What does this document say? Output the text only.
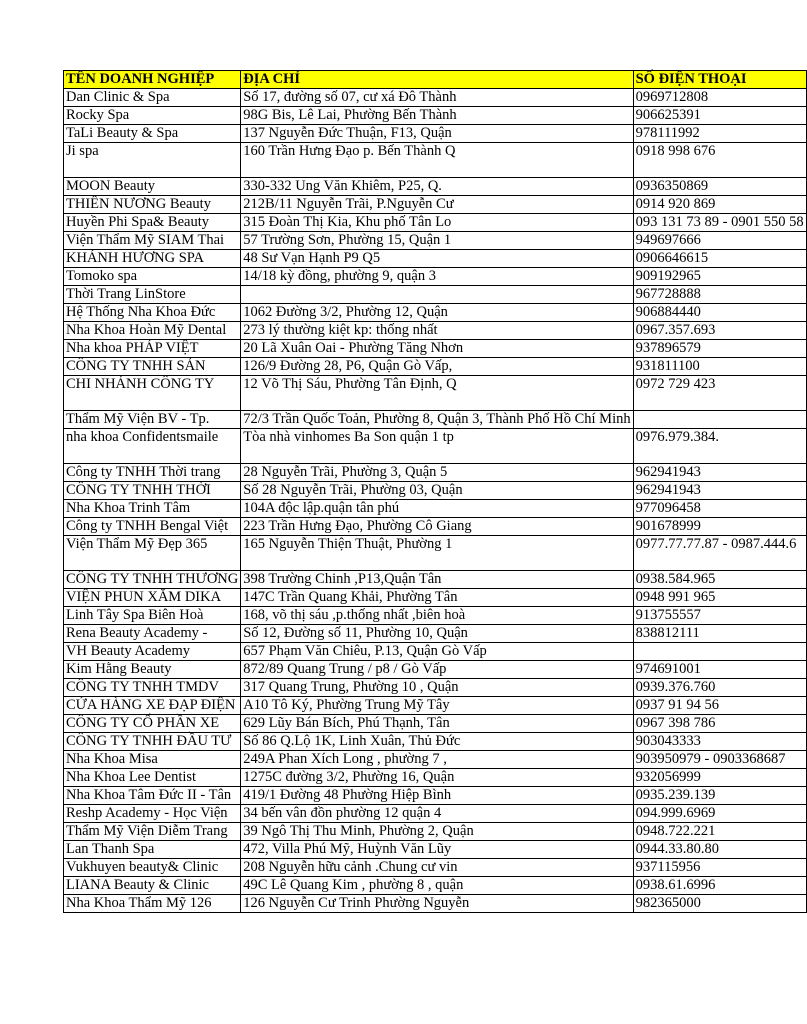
TÊN DOANH NGHIỆP	ĐỊA CHỈ	SỐ ĐIỆN THOẠI
Dan Clinic & Spa	Số 17, đường số 07, cư xá Đô Thành	0969712808
Rocky Spa	98G Bis, Lê Lai, Phường Bến Thành	906625391
TaLi Beauty & Spa	137 Nguyễn Đức Thuận, F13, Quận	978111992
Ji spa	160 Trần Hưng Đạo p. Bến Thành Q	0918 998 676
MOON Beauty	330-332 Ung Văn Khiêm, P25, Q.	0936350869
THIÊN NƯƠNG Beauty	212B/11 Nguyễn Trãi, P.Nguyễn Cư	0914 920 869
Huyền Phi Spa& Beauty	315 Đoàn Thị Kia, Khu phố Tân Lo	093 131 73 89 - 0901 550 58
Viện Thẩm Mỹ SIAM Thai	57 Trường Sơn, Phường 15, Quận 1	949697666
KHÁNH HƯƠNG SPA	48 Sư Vạn Hạnh P9 Q5	0906646615
Tomoko spa	14/18 kỳ đồng, phường 9, quận 3	909192965
Thời Trang LinStore		967728888
Hệ Thống Nha Khoa Đức	1062 Đường 3/2, Phường 12, Quận	906884440
Nha Khoa Hoàn Mỹ Dental	273 lý thường kiệt kp: thống nhất	0967.357.693
Nha khoa PHÁP VIỆT	20 Lã Xuân Oai - Phường Tăng Nhơn	937896579
CÔNG TY TNHH SẢN	126/9 Đường 28, P6, Quận Gò Vấp,	931811100
CHI NHÁNH CÔNG TY	12 Võ Thị Sáu, Phường Tân Định, Q	0972 729 423
Thẩm Mỹ Viện BV - Tp.	72/3 Trần Quốc Toản, Phường 8, Quận 3, Thành Phố Hồ Chí Minh	
nha khoa Confidentsmaile	Tòa nhà vinhomes Ba Son quận 1 tp	0976.979.384.
Công ty TNHH Thời trang	28 Nguyễn Trãi, Phường 3, Quận 5	962941943
CÔNG TY TNHH THỜI	Số 28 Nguyễn Trãi, Phường 03, Quận	962941943
Nha Khoa Trinh Tâm	104A độc lập.quận tân phú	977096458
Công ty TNHH Bengal Việt	223 Trần Hưng Đạo, Phường Cô Giang	901678999
Viện Thẩm Mỹ Đẹp 365	165 Nguyễn Thiện Thuật, Phường 1	0977.77.77.87 - 0987.444.6
CÔNG TY TNHH THƯƠNG	398 Trường Chinh ,P13,Quận Tân	0938.584.965
VIỆN PHUN XĂM DIKA	147C Trần Quang Khải, Phường Tân	0948 991 965
Linh Tây Spa Biên Hoà	168, võ thị sáu ,p.thống nhất ,biên hoà	913755557
Rena Beauty Academy -	Số 12, Đường số 11, Phường 10, Quận	838812111
VH Beauty Academy	657 Phạm Văn Chiêu, P.13, Quận Gò Vấp	
Kim Hằng Beauty	872/89 Quang Trung / p8 / Gò Vấp	974691001
CÔNG TY TNHH TMDV	317 Quang Trung, Phường 10 , Quận	0939.376.760
CỬA HÀNG XE ĐẠP ĐIỆN	A10 Tô Ký, Phường Trung Mỹ Tây	0937 91 94 56
CÔNG TY CỔ PHẦN XE	629 Lũy Bán Bích, Phú Thạnh, Tân	0967 398 786
CÔNG TY TNHH ĐẦU TƯ	Số 86 Q.Lộ 1K, Linh Xuân, Thủ Đức	903043333
Nha Khoa Misa	249A Phan Xích Long , phường 7 ,	903950979 - 0903368687
Nha Khoa Lee Dentist	1275C đường 3/2, Phường 16, Quận	932056999
Nha Khoa Tâm Đức II - Tân	419/1 Đường 48 Phường Hiệp Bình	0935.239.139
Reshp Academy - Học Viện	34 bến vân đồn phường 12 quận 4	094.999.6969
Thẩm Mỹ Viện Diễm Trang	39 Ngô Thị Thu Minh, Phường 2, Quận	0948.722.221
Lan Thanh Spa	472, Villa Phú Mỹ, Huỳnh Văn Lũy	0944.33.80.80
Vukhuyen beauty& Clinic	208 Nguyễn hữu cảnh .Chung cư vin	937115956
LIANA Beauty & Clinic	49C Lê Quang Kim , phường 8 , quận	0938.61.6996
Nha Khoa Thẩm Mỹ 126	126 Nguyễn Cư Trinh Phường Nguyễn	982365000
